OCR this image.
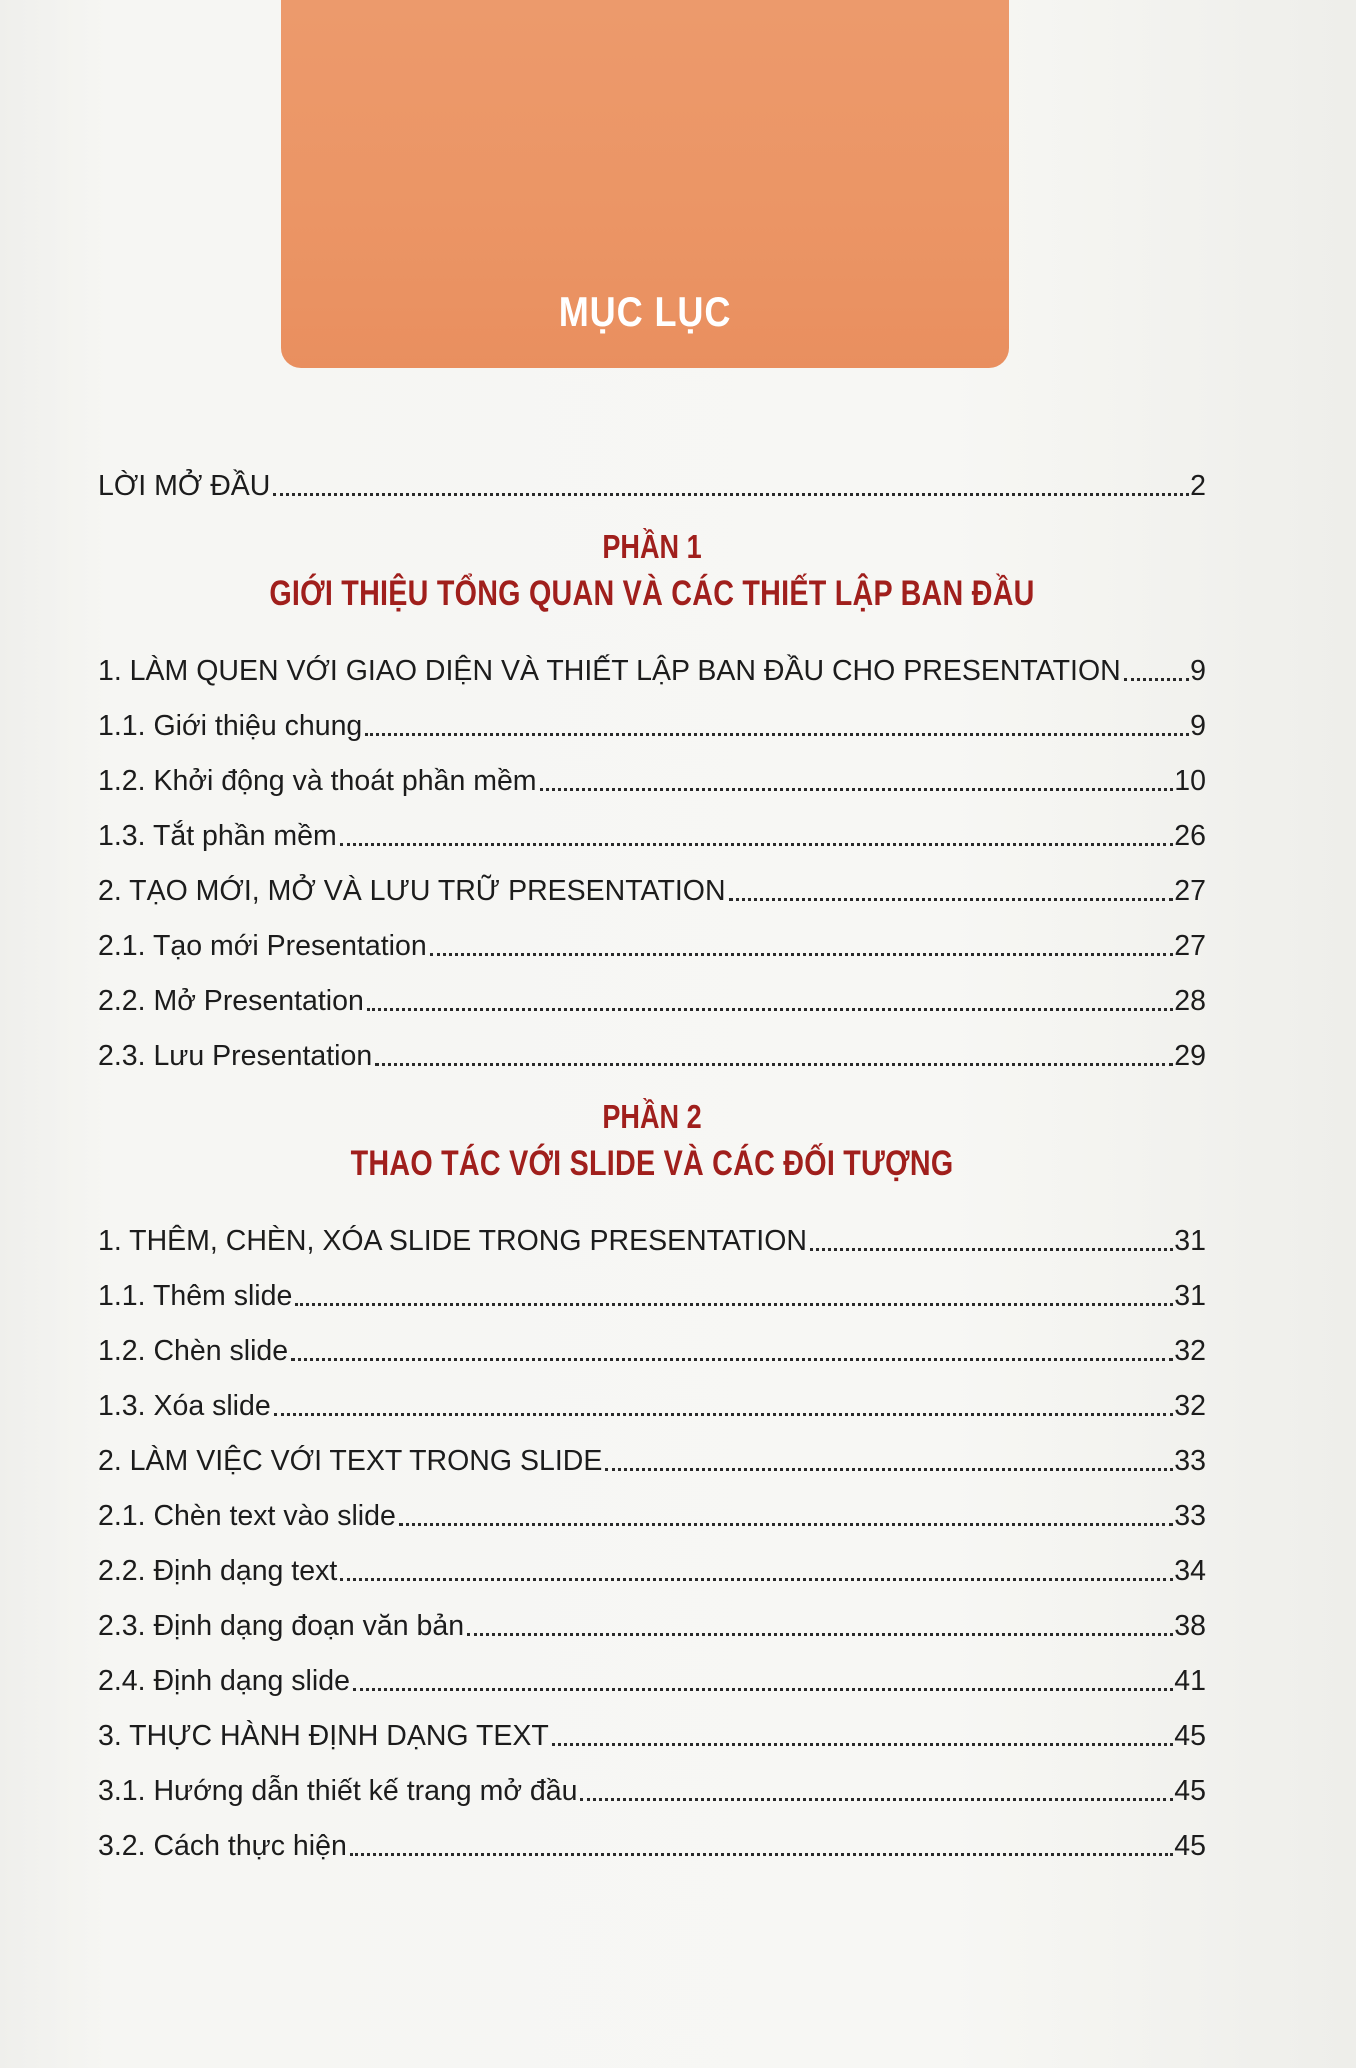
MỤC LỤC
LỜI MỞ ĐẦU	2
PHẦN 1
GIỚI THIỆU TỔNG QUAN VÀ CÁC THIẾT LẬP BAN ĐẦU
1. LÀM QUEN VỚI GIAO DIỆN VÀ THIẾT LẬP BAN ĐẦU CHO PRESENTATION 9
1.1. Giới thiệu chung	9
1.2. Khởi động và thoát phần mềm	10
1.3. Tắt phần mềm	26
2. TẠO MỚI, MỞ VÀ LƯU TRỮ PRESENTATION	27
2.1. Tạo mới Presentation	27
2.2. Mở Presentation	28
2.3. Lưu Presentation	29
PHẦN 2
THAO TÁC VỚI SLIDE VÀ CÁC ĐỐI TƯỢNG
1. THÊM, CHÈN, XÓA SLIDE TRONG PRESENTATION	31
1.1. Thêm slide	31
1.2. Chèn slide	32
1.3. Xóa slide	32
2. LÀM VIỆC VỚI TEXT TRONG SLIDE	33
2.1. Chèn text vào slide	33
2.2. Định dạng text	34
2.3. Định dạng đoạn văn bản	38
2.4. Định dạng slide	41
3. THỰC HÀNH ĐỊNH DẠNG TEXT	45
3.1. Hướng dẫn thiết kế trang mở đầu	45
3.2. Cách thực hiện	45
